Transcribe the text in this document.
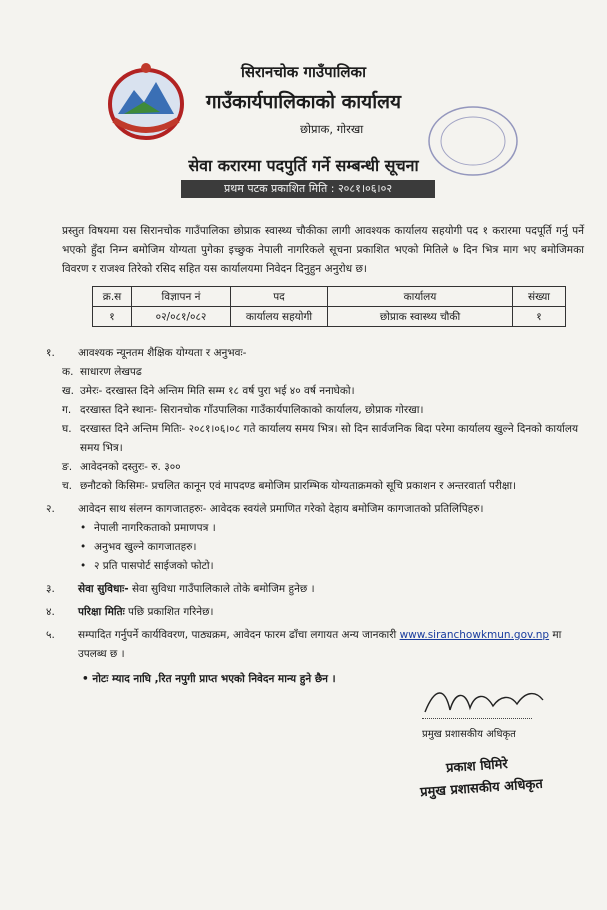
सिरानचोक गाउँपालिका
गाउँकार्यपालिकाको कार्यालय
छोप्राक, गोरखा
सेवा करारमा पदपुर्ति गर्ने सम्बन्धी सूचना
प्रथम पटक प्रकाशित मिति : २०८१।०६।०२
प्रस्तुत विषयमा यस सिरानचोक गाउँपालिका छोप्राक स्वास्थ्य चौकीका लागी आवश्यक कार्यालय सहयोगी पद १ करारमा पदपूर्ति गर्नु पर्ने भएको हुँदा निम्न बमोजिम योग्यता पुगेका इच्छुक नेपाली नागरिकले सूचना प्रकाशित भएको मितिले ७ दिन भित्र माग भए बमोजिमका विवरण र राजश्व तिरेको रसिद सहित यस कार्यालयमा निवेदन दिनुहुन अनुरोध छ।
क्र.स	विज्ञापन नं	पद	कार्यालय	संख्या
१	०२/०८१/०८२	कार्यालय सहयोगी	छोप्राक स्वास्थ्य चौकी	१
१.	आवश्यक न्यूनतम शैक्षिक योग्यता र अनुभवः-
क. साधारण लेखपढ
ख. उमेरः- दरखास्त दिने अन्तिम मिति सम्म १८ वर्ष पुरा भई ४० वर्ष ननाघेको।
ग. दरखास्त दिने स्थानः- सिरानचोक गाँउपालिका गाउँकार्यपालिकाको कार्यालय, छोप्राक गोरखा।
घ. दरखास्त दिने अन्तिम मितिः- २०८१।०६।०८ गते कार्यालय समय भित्र। सो दिन सार्वजनिक बिदा परेमा कार्यालय खुल्ने दिनको कार्यालय समय भित्र।
ङ. आवेदनको दस्तुरः- रु. ३००
च. छनौटको किसिमः- प्रचलित कानून एवं मापदण्ड बमोजिम प्रारम्भिक योग्यताक्रमको सूचि प्रकाशन र अन्तरवार्ता परीक्षा।
२.	आवेदन साथ संलग्न कागजातहरुः- आवेदक स्वयंले प्रमाणित गरेको देहाय बमोजिम कागजातको प्रतिलिपिहरु।
• नेपाली नागरिकताको प्रमाणपत्र ।
• अनुभव खुल्ने कागजातहरु।
• २ प्रति पासपोर्ट साईजको फोटो।
३.	सेवा सुविधाः- सेवा सुविधा गाउँपालिकाले तोके बमोजिम हुनेछ ।
४.	परिक्षा मितिः पछि प्रकाशित गरिनेछ।
५.	सम्पादित गर्नुपर्ने कार्यविवरण, पाठ्यक्रम, आवेदन फारम ढाँचा लगायत अन्य जानकारी www.siranchowkmun.gov.np मा उपलब्ध छ ।
• नोटः म्याद नाघि ,रित नपुगी प्राप्त भएको निवेदन मान्य हुने छैन ।
प्रमुख प्रशासकीय अधिकृत
प्रकाश घिमिरे
प्रमुख प्रशासकीय अधिकृत
